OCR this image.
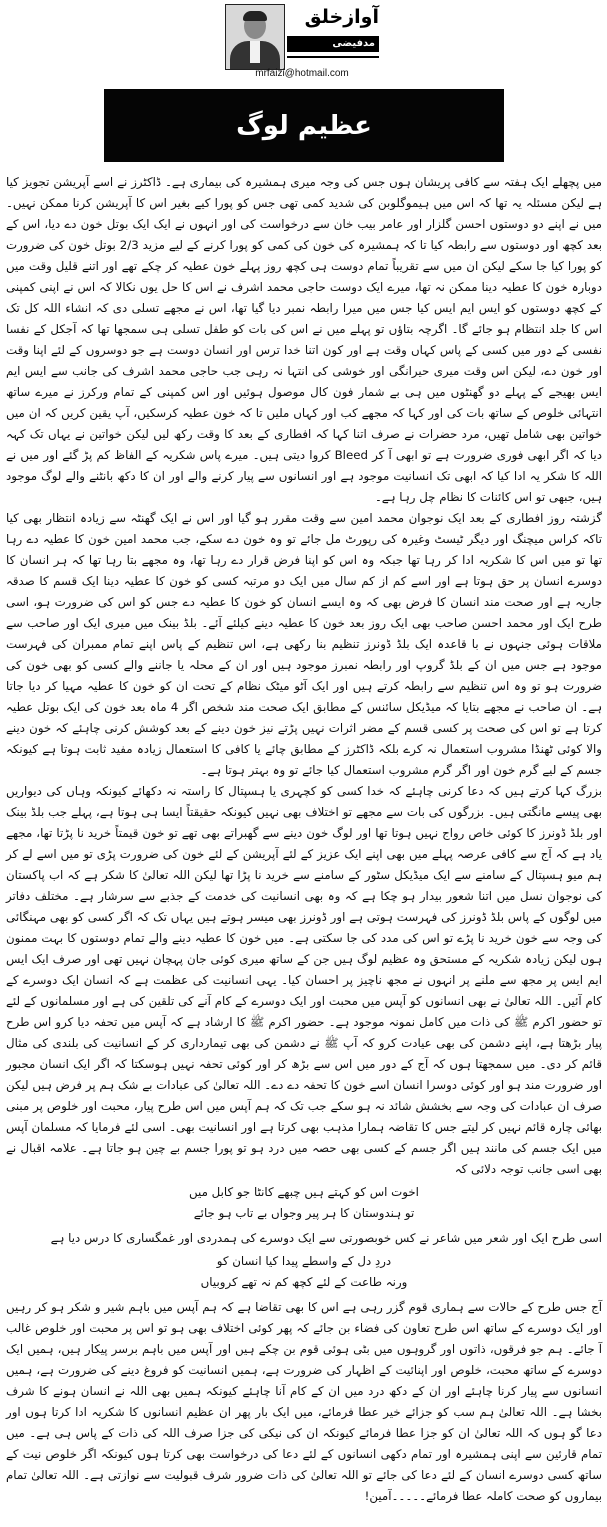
آوازخلق
مدفیضی
mrfaizi@hotmail.com
عظیم لوگ

میں پچھلے ایک ہفتہ سے کافی پریشان ہوں جس کی وجہ میری ہمشیرہ کی بیماری ہے۔ ڈاکٹرز نے اسے آپریشن تجویز کیا ہے لیکن مسئلہ یہ تھا کہ اس میں ہیموگلوبن کی شدید کمی تھی جس کو پورا کیے بغیر اس کا آپریشن کرنا ممکن نہیں۔ میں نے اپنے دو دوستوں احسن گلزار اور عامر بیب خان سے درخواست کی اور انہوں نے ایک ایک بوتل خون دے دیا، اس کے بعد کچھ اور دوستوں سے رابطہ کیا تا کہ ہمشیرہ کی خون کی کمی کو پورا کرنے کے لیے مزید 2/3 بوتل خون کی ضرورت کو پورا کیا جا سکے لیکن ان میں سے تقریباً تمام دوست ہی کچھ روز پہلے خون عطیہ کر چکے تھے اور اتنے قلیل وقت میں دوبارہ خون کا عطیہ دینا ممکن نہ تھا، میرے ایک دوست حاجی محمد اشرف نے اس کا حل یوں نکالا کہ اس نے اپنی کمپنی کے کچھ دوستوں کو ایس ایم ایس کیا جس میں میرا رابطہ نمبر دیا گیا تھا، اس نے مجھے تسلی دی کہ انشاء اللہ کل تک اس کا جلد انتظام ہو جائے گا۔ اگرچہ بتاؤں تو پہلے میں نے اس کی بات کو طفل تسلی ہی سمجھا تھا کہ آجکل کے نفسا نفسی کے دور میں کسی کے پاس کہاں وقت ہے اور کون اتنا خدا ترس اور انسان دوست ہے جو دوسروں کے لئے اپنا وقت اور خون دے، لیکن اس وقت میری حیرانگی اور خوشی کی انتہا نہ رہی جب حاجی محمد اشرف کی جانب سے ایس ایم ایس بھیجے کے پہلے دو گھنٹوں میں ہی بے شمار فون کال موصول ہوئیں اور اس کمپنی کے تمام ورکرز نے میرے ساتھ انتہائی خلوص کے ساتھ بات کی اور کہا کہ مجھے کب اور کہاں ملیں تا کہ خون عطیہ کرسکیں، آپ یقین کریں کہ ان میں خواتین بھی شامل تھیں، مرد حضرات نے صرف اتنا کہا کہ افطاری کے بعد کا وقت رکھ لیں لیکن خواتین نے یہاں تک کہہ دیا کہ اگر ابھی فوری ضرورت ہے تو ابھی آ کر Bleed کروا دیتی ہیں۔ میرے پاس شکریہ کے الفاظ کم پڑ گئے اور میں نے اللہ کا شکر یہ ادا کیا کہ ابھی تک انسانیت موجود ہے اور انسانوں سے پیار کرنے والے اور ان کا دکھ بانٹنے والے لوگ موجود ہیں، جبھی تو اس کائنات کا نظام چل رہا ہے۔

گزشتہ روز افطاری کے بعد ایک نوجوان محمد امین سے وقت مقرر ہو گیا اور اس نے ایک گھنٹہ سے زیادہ انتظار بھی کیا تاکہ کراس میچنگ اور دیگر ٹیسٹ وغیرہ کی رپورٹ مل جائے تو وہ خون دے سکے، جب محمد امین خون کا عطیہ دے رہا تھا تو میں اس کا شکریہ ادا کر رہا تھا جبکہ وہ اس کو اپنا فرض قرار دے رہا تھا، وہ مجھے بتا رہا تھا کہ ہر انسان کا دوسرے انسان پر حق ہوتا ہے اور اسے کم از کم سال میں ایک دو مرتبہ کسی کو خون کا عطیہ دینا ایک قسم کا صدقہ جاریہ ہے اور صحت مند انسان کا فرض بھی کہ وہ ایسے انسان کو خون کا عطیہ دے جس کو اس کی ضرورت ہو، اسی طرح ایک اور محمد احسن صاحب بھی ایک روز بعد خون کا عطیہ دینے کیلئے آئے۔ بلڈ بینک میں میری ایک اور صاحب سے ملاقات ہوئی جنہوں نے با قاعدہ ایک بلڈ ڈونرز تنظیم بنا رکھی ہے، اس تنظیم کے پاس اپنے تمام ممبران کی فہرست موجود ہے جس میں ان کے بلڈ گروپ اور رابطہ نمبرز موجود ہیں اور ان کے محلہ یا جاننے والے کسی کو بھی خون کی ضرورت ہو تو وہ اس تنظیم سے رابطہ کرتے ہیں اور ایک آٹو میٹک نظام کے تحت ان کو خون کا عطیہ مہیا کر دیا جاتا ہے۔ ان صاحب نے مجھے بتایا کہ میڈیکل سائنس کے مطابق ایک صحت مند شخص اگر 4 ماہ بعد خون کی ایک بوتل عطیہ کرتا ہے تو اس کی صحت پر کسی قسم کے مضر اثرات نہیں پڑتے نیز خون دینے کے بعد کوشش کرنی چاہئے کہ خون دینے والا کوئی ٹھنڈا مشروب استعمال نہ کرے بلکہ ڈاکٹرز کے مطابق چائے یا کافی کا استعمال زیادہ مفید ثابت ہوتا ہے کیونکہ جسم کے لیے گرم خون اور اگر گرم مشروب استعمال کیا جائے تو وہ بہتر ہوتا ہے۔

بزرگ کہا کرتے ہیں کہ دعا کرنی چاہئے کہ خدا کسی کو کچہری یا ہسپتال کا راستہ نہ دکھائے کیونکہ وہاں کی دیواریں بھی پیسے مانگتی ہیں۔ بزرگوں کی بات سے مجھے تو اختلاف بھی نہیں کیونکہ حقیقتاً ایسا ہی ہوتا ہے، پہلے جب بلڈ بینک اور بلڈ ڈونرز کا کوئی خاص رواج نہیں ہوتا تھا اور لوگ خون دینے سے گھبراتے بھی تھے تو خون قیمتاً خرید نا پڑتا تھا، مجھے یاد ہے کہ آج سے کافی عرصہ پہلے میں بھی اپنے ایک عزیز کے لئے آپریشن کے لئے خون کی ضرورت پڑی تو میں اسے لے کر ہم میو ہسپتال کے سامنے سے ایک میڈیکل سٹور کے سامنے سے خرید نا پڑا تھا لیکن اللہ تعالیٰ کا شکر ہے کہ اب پاکستان کی نوجوان نسل میں اتنا شعور بیدار ہو چکا ہے کہ وہ بھی انسانیت کی خدمت کے جذبے سے سرشار ہے۔ مختلف دفاتر میں لوگوں کے پاس بلڈ ڈونرز کی فہرست ہوتی ہے اور ڈونرز بھی میسر ہوتے ہیں یہاں تک کہ اگر کسی کو بھی مہنگائی کی وجہ سے خون خرید نا پڑے تو اس کی مدد کی جا سکتی ہے۔ میں خون کا عطیہ دینے والے تمام دوستوں کا بہت ممنون ہوں لیکن زیادہ شکریہ کے مستحق وہ عظیم لوگ ہیں جن کے ساتھ میری کوئی جان پہچان نہیں تھی اور صرف ایک ایس ایم ایس پر مجھ سے ملنے پر انہوں نے مجھ ناچیز پر احسان کیا۔ یہی انسانیت کی عظمت ہے کہ انسان ایک دوسرے کے کام آئیں۔ اللہ تعالیٰ نے بھی انسانوں کو آپس میں محبت اور ایک دوسرے کے کام آنے کی تلقین کی ہے اور مسلمانوں کے لئے تو حضور اکرم ﷺ کی ذات میں کامل نمونہ موجود ہے۔ حضور اکرم ﷺ کا ارشاد ہے کہ آپس میں تحفہ دیا کرو اس طرح پیار بڑھتا ہے، اپنے دشمن کی بھی عیادت کرو کہ آپ ﷺ نے دشمن کی بھی تیمارداری کر کے انسانیت کی بلندی کی مثال قائم کر دی۔ میں سمجھتا ہوں کہ آج کے دور میں اس سے بڑھ کر اور کوئی تحفہ نہیں ہوسکتا کہ اگر ایک انسان مجبور اور ضرورت مند ہو اور کوئی دوسرا انسان اسے خون کا تحفہ دے دے۔ اللہ تعالیٰ کی عبادات بے شک ہم پر فرض ہیں لیکن صرف ان عبادات کی وجہ سے بخشش شائد نہ ہو سکے جب تک کہ ہم آپس میں اس طرح پیار، محبت اور خلوص پر مبنی بھائی چارہ قائم نہیں کر لیتے جس کا تقاضہ ہمارا مذہب بھی کرتا ہے اور انسانیت بھی۔ اسی لئے فرمایا کہ مسلمان آپس میں ایک جسم کی مانند ہیں اگر جسم کے کسی بھی حصہ میں درد ہو تو پورا جسم بے چین ہو جاتا ہے۔ علامہ اقبال نے بھی اسی جانب توجہ دلائی کہ

اخوت اس کو کہتے ہیں چبھے کانٹا جو کابل میں
تو ہندوستان کا ہر پیر وجواں بے تاب ہو جائے

اسی طرح ایک اور شعر میں شاعر نے کس خوبصورتی سے ایک دوسرے کی ہمدردی اور غمگساری کا درس دیا ہے

دردِ دل کے واسطے پیدا کیا انسان کو
ورنہ طاعت کے لئے کچھ کم نہ تھے کروبیاں

آج جس طرح کے حالات سے ہماری قوم گزر رہی ہے اس کا بھی تقاضا ہے کہ ہم آپس میں باہم شیر و شکر ہو کر رہیں اور ایک دوسرے کے ساتھ اس طرح تعاون کی فضاء بن جائے کہ پھر کوئی اختلاف بھی ہو تو اس پر محبت اور خلوص غالب آ جائے۔ ہم جو فرقوں، ذاتوں اور گروہوں میں بٹی ہوئی قوم بن چکے ہیں اور آپس میں باہم برسر پیکار ہیں، ہمیں ایک دوسرے کے ساتھ محبت، خلوص اور اپنائیت کے اظہار کی ضرورت ہے، ہمیں انسانیت کو فروغ دینے کی ضرورت ہے، ہمیں انسانوں سے پیار کرنا چاہئے اور ان کے دکھ درد میں ان کے کام آنا چاہئے کیونکہ ہمیں بھی اللہ نے انسان ہونے کا شرف بخشا ہے۔ اللہ تعالیٰ ہم سب کو جزائے خیر عطا فرمائے، میں ایک بار پھر ان عظیم انسانوں کا شکریہ ادا کرتا ہوں اور دعا گو ہوں کہ اللہ تعالیٰ ان کو جزا عطا فرمائے کیونکہ ان کی نیکی کی جزا صرف اللہ کی ذات کے پاس ہی ہے۔ میں تمام قارئین سے اپنی ہمشیرہ اور تمام دکھی انسانوں کے لئے دعا کی درخواست بھی کرتا ہوں کیونکہ اگر خلوص نیت کے ساتھ کسی دوسرے انسان کے لئے دعا کی جائے تو اللہ تعالیٰ کی ذات ضرور شرف قبولیت سے نوازتی ہے۔ اللہ تعالیٰ تمام بیماروں کو صحت کاملہ عطا فرمائے۔۔۔۔۔آمین!
